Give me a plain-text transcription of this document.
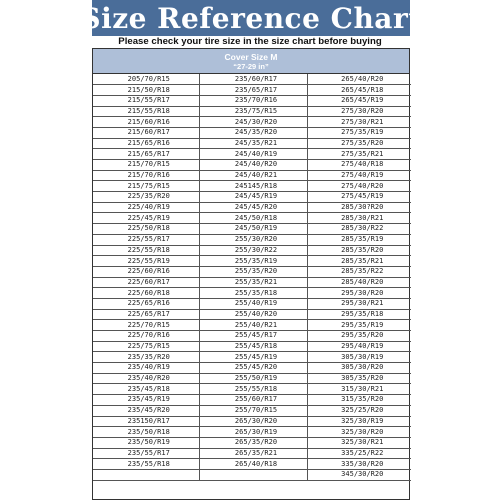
Size Reference Chart
Please check your tire size in the size chart before buying
Cover Size M
“27-29 in”
205/70/R15	235/60/R17	265/40/R20
215/50/R18	235/65/R17	265/45/R18
215/55/R17	235/70/R16	265/45/R19
215/55/R18	235/75/R15	275/30/R20
215/60/R16	245/30/R20	275/30/R21
215/60/R17	245/35/R20	275/35/R19
215/65/R16	245/35/R21	275/35/R20
215/65/R17	245/40/R19	275/35/R21
215/70/R15	245/40/R20	275/40/R18
215/70/R16	245/40/R21	275/40/R19
215/75/R15	245145/R18	275/40/R20
225/35/R20	245/45/R19	275/45/R19
225/40/R19	245/45/R20	285/30?R20
225/45/R19	245/50/R18	285/30/R21
225/50/R18	245/50/R19	285/30/R22
225/55/R17	255/30/R20	285/35/R19
225/55/R18	255/30/R22	285/35/R20
225/55/R19	255/35/R19	285/35/R21
225/60/R16	255/35/R20	285/35/R22
225/60/R17	255/35/R21	285/40/R20
225/60/R18	255/35/R18	295/30/R20
225/65/R16	255/40/R19	295/30/R21
225/65/R17	255/40/R20	295/35/R18
225/70/R15	255/40/R21	295/35/R19
225/70/R16	255/45/R17	295/35/R20
225/75/R15	255/45/R18	295/40/R19
235/35/R20	255/45/R19	305/30/R19
235/40/R19	255/45/R20	305/30/R20
235/40/R20	255/50/R19	305/35/R20
235/45/R18	255/55/R18	315/30/R21
235/45/R19	255/60/R17	315/35/R20
235/45/R20	255/70/R15	325/25/R20
235150/R17	265/30/R20	325/30/R19
235/50/R18	265/30/R19	325/30/R20
235/50/R19	265/35/R20	325/30/R21
235/55/R17	265/35/R21	335/25/R22
235/55/R18	265/40/R18	335/30/R20
		345/30/R20
